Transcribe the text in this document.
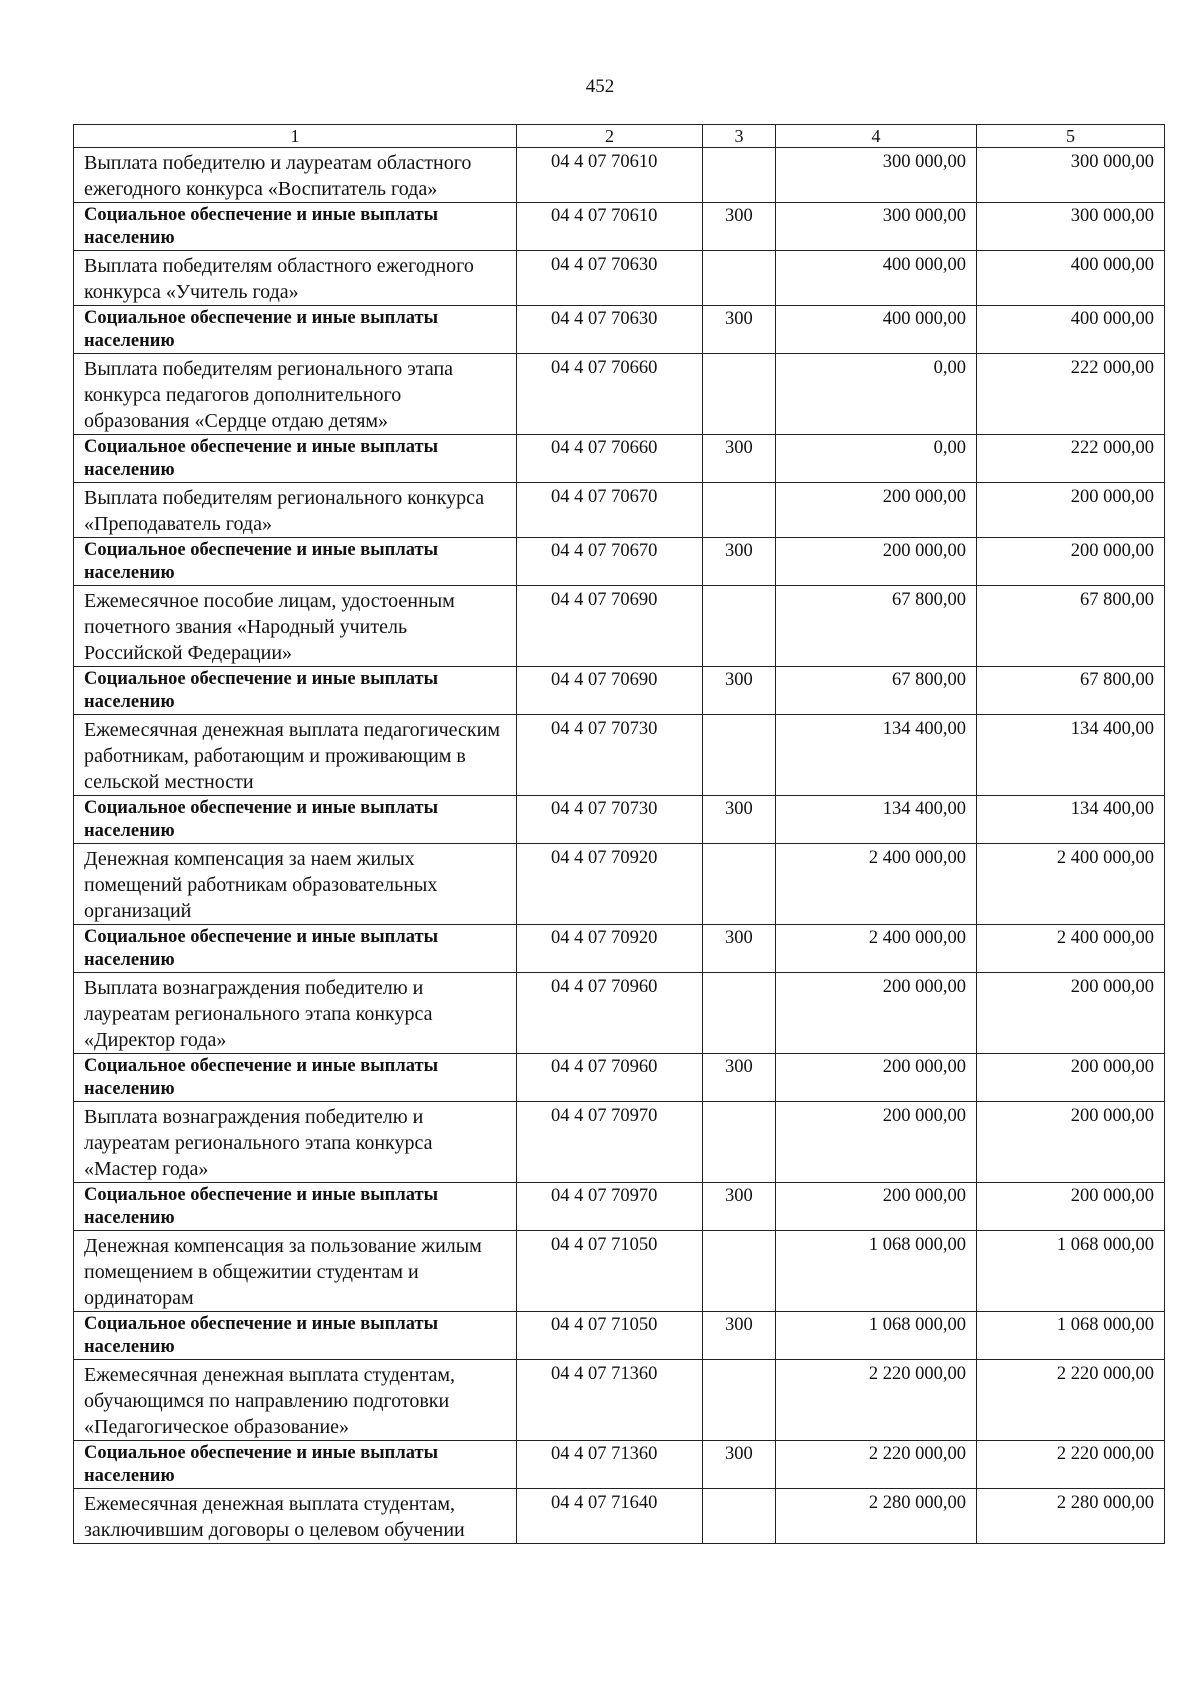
452
1	2	3	4	5
Выплата победителю и лауреатам областного ежегодного конкурса «Воспитатель года»	04 4 07 70610		300 000,00	300 000,00
Социальное обеспечение и иные выплаты населению	04 4 07 70610	300	300 000,00	300 000,00
Выплата победителям областного ежегодного конкурса «Учитель года»	04 4 07 70630		400 000,00	400 000,00
Социальное обеспечение и иные выплаты населению	04 4 07 70630	300	400 000,00	400 000,00
Выплата победителям регионального этапа конкурса педагогов дополнительного образования «Сердце отдаю детям»	04 4 07 70660		0,00	222 000,00
Социальное обеспечение и иные выплаты населению	04 4 07 70660	300	0,00	222 000,00
Выплата победителям регионального конкурса «Преподаватель года»	04 4 07 70670		200 000,00	200 000,00
Социальное обеспечение и иные выплаты населению	04 4 07 70670	300	200 000,00	200 000,00
Ежемесячное пособие лицам, удостоенным почетного звания «Народный учитель Российской Федерации»	04 4 07 70690		67 800,00	67 800,00
Социальное обеспечение и иные выплаты населению	04 4 07 70690	300	67 800,00	67 800,00
Ежемесячная денежная выплата педагогическим работникам, работающим и проживающим в сельской местности	04 4 07 70730		134 400,00	134 400,00
Социальное обеспечение и иные выплаты населению	04 4 07 70730	300	134 400,00	134 400,00
Денежная компенсация за наем жилых помещений работникам образовательных организаций	04 4 07 70920		2 400 000,00	2 400 000,00
Социальное обеспечение и иные выплаты населению	04 4 07 70920	300	2 400 000,00	2 400 000,00
Выплата вознаграждения победителю и лауреатам регионального этапа конкурса «Директор года»	04 4 07 70960		200 000,00	200 000,00
Социальное обеспечение и иные выплаты населению	04 4 07 70960	300	200 000,00	200 000,00
Выплата вознаграждения победителю и лауреатам регионального этапа конкурса «Мастер года»	04 4 07 70970		200 000,00	200 000,00
Социальное обеспечение и иные выплаты населению	04 4 07 70970	300	200 000,00	200 000,00
Денежная компенсация за пользование жилым помещением в общежитии студентам и ординаторам	04 4 07 71050		1 068 000,00	1 068 000,00
Социальное обеспечение и иные выплаты населению	04 4 07 71050	300	1 068 000,00	1 068 000,00
Ежемесячная денежная выплата студентам, обучающимся по направлению подготовки «Педагогическое образование»	04 4 07 71360		2 220 000,00	2 220 000,00
Социальное обеспечение и иные выплаты населению	04 4 07 71360	300	2 220 000,00	2 220 000,00
Ежемесячная денежная выплата студентам, заключившим договоры о целевом обучении	04 4 07 71640		2 280 000,00	2 280 000,00
